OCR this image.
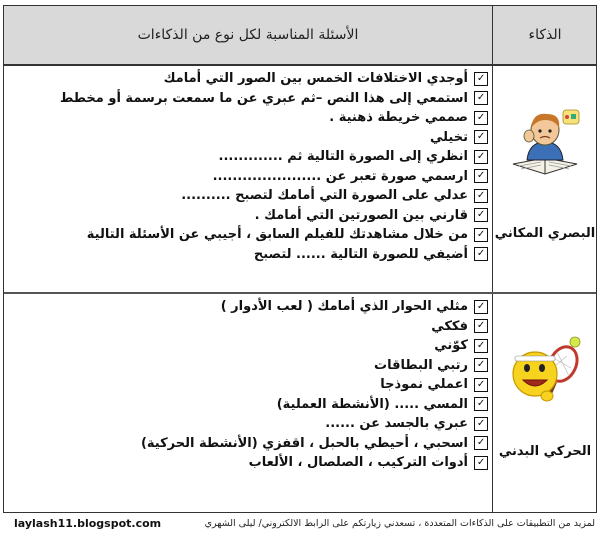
الأسئلة المناسبة لكل نوع من الذكاءات	الذكاء
✓
أوجدي الاختلافات الخمس بين الصور التي أمامك
✓
استمعي إلى هذا النص –ثم عبري عن ما سمعت برسمة أو مخطط
✓
صممي خريطة ذهنية .
✓
تخيلي
✓
انظري إلى الصورة التالية ثم .............
✓
ارسمي صورة تعبر عن ......................
✓
عدلي على الصورة التي أمامك لتصبح ..........
✓
قارني بين الصورتين التي أمامك .
✓
من خلال مشاهدتك للفيلم السابق ، أجيبي عن الأسئلة التالية
✓
أضيفي للصورة التالية ...... لتصبح
البصري المكاني
✓
مثلي الحوار الذي أمامك ( لعب الأدوار )
✓
فككي
✓
كوّني
✓
رتبي البطاقات
✓
اعملي نموذجا
✓
المسي ..... (الأنشطة العملية)
✓
عبري بالجسد عن ......
✓
اسحبي ، أحيطي بالحبل ، اقفزي (الأنشطة الحركية)
✓
أدوات التركيب ، الصلصال ، الألعاب
الحركي البدني
laylash11.blogspot.com	لمزيد من التطبيقات على الذكاءات المتعددة ، تسعدني زيارتكم على الرابط الالكتروني/ ليلى الشهري
